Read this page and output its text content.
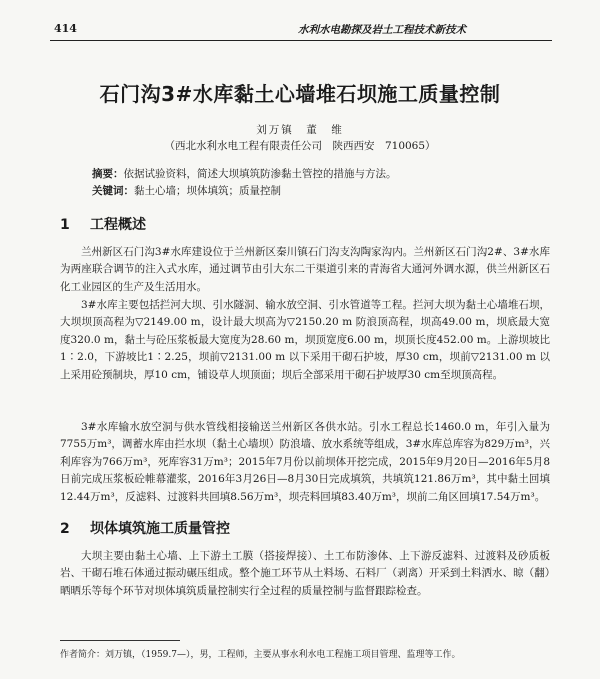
414	水利水电勘探及岩土工程技术新技术
石门沟3#水库黏土心墙堆石坝施工质量控制
刘万镇　董　维
（西北水利水电工程有限责任公司　陕西西安　710065）
摘要：依据试验资料，简述大坝填筑防渗黏土管控的措施与方法。
关键词：黏土心墙；坝体填筑；质量控制
1 工程概述

兰州新区石门沟3#水库建设位于兰州新区秦川镇石门沟支沟陶家沟内。兰州新区石门沟2#、3#水库为两座联合调节的注入式水库，通过调节由引大东二干渠道引来的青海省大通河外调水源，供兰州新区石化工业园区的生产及生活用水。

3#水库主要包括拦河大坝、引水隧洞、输水放空洞、引水管道等工程。拦河大坝为黏土心墙堆石坝，大坝坝顶高程为▽2149.00 m，设计最大坝高为▽2150.20 m 防浪顶高程，坝高49.00 m，坝底最大宽度320.0 m，黏土与砼压浆板最大宽度为28.60 m，坝顶宽度6.00 m，坝顶长度452.00 m。上游坝坡比1∶2.0，下游坡比1∶2.25，坝前▽2131.00 m 以下采用干砌石护坡，厚30 cm，坝前▽2131.00 m 以上采用砼预制块，厚10 cm，铺设草人坝顶面；坝后全部采用干砌石护坡厚30 cm至坝顶高程。

3#水库输水放空洞与供水管线相接输送兰州新区各供水站。引水工程总长1460.0 m，年引入量为7755万m³，调蓄水库由拦水坝（黏土心墙坝）防浪墙、放水系统等组成，3#水库总库容为829万m³，兴利库容为766万m³，死库容31万m³；2015年7月份以前坝体开挖完成，2015年9月20日—2016年5月8日前完成压浆板砼帷幕灌浆，2016年3月26日—8月30日完成填筑，共填筑121.86万m³，其中黏土回填12.44万m³，反滤料、过渡料共回填8.56万m³，坝壳料回填83.40万m³，坝前二角区回填17.54万m³。

2 坝体填筑施工质量管控

大坝主要由黏土心墙、上下游土工膜（搭接焊接）、土工布防渗体、上下游反滤料、过渡料及砂质板岩、干砌石堆石体通过振动碾压组成。整个施工环节从土料场、石料厂（剥离）开采到土料洒水、晾（翻）晒晒乐等每个环节对坝体填筑质量控制实行全过程的质量控制与监督跟踪检查。

作者简介：刘万镇，（1959.7—），男，工程师，主要从事水利水电工程施工项目管理、监理等工作。
